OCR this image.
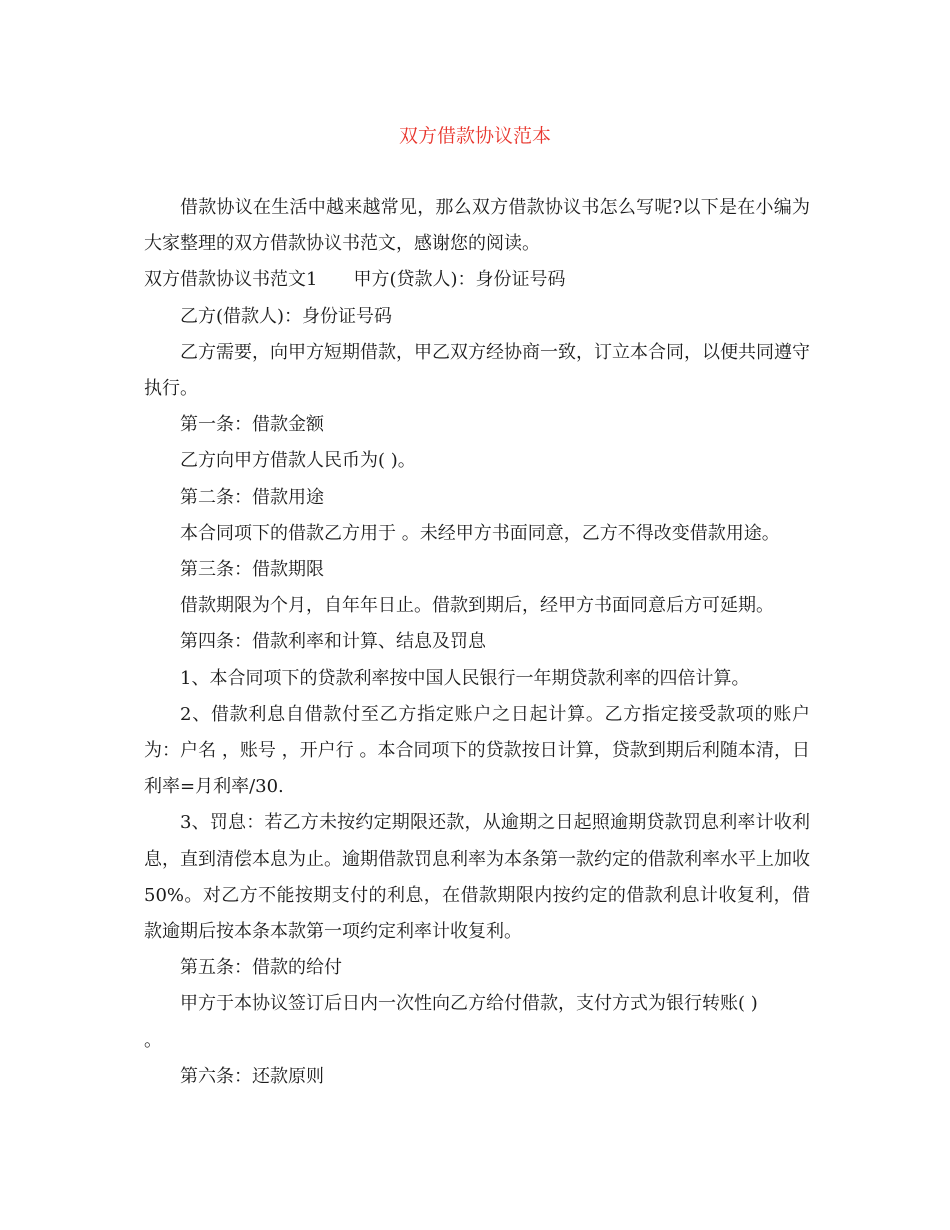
双方借款协议范本

借款协议在生活中越来越常见，那么双方借款协议书怎么写呢?以下是在小编为大家整理的双方借款协议书范文，感谢您的阅读。

双方借款协议书范文1 甲方(贷款人)：身份证号码

乙方(借款人)：身份证号码

乙方需要，向甲方短期借款，甲乙双方经协商一致，订立本合同，以便共同遵守执行。

第一条：借款金额

乙方向甲方借款人民币为( )。

第二条：借款用途

本合同项下的借款乙方用于 。未经甲方书面同意，乙方不得改变借款用途。

第三条：借款期限

借款期限为个月，自年年日止。借款到期后，经甲方书面同意后方可延期。

第四条：借款利率和计算、结息及罚息

1、本合同项下的贷款利率按中国人民银行一年期贷款利率的四倍计算。

2、借款利息自借款付至乙方指定账户之日起计算。乙方指定接受款项的账户为：户名 ，账号 ，开户行 。本合同项下的贷款按日计算，贷款到期后利随本清，日利率=月利率/30.

3、罚息：若乙方未按约定期限还款，从逾期之日起照逾期贷款罚息利率计收利息，直到清偿本息为止。逾期借款罚息利率为本条第一款约定的借款利率水平上加收50%。对乙方不能按期支付的利息，在借款期限内按约定的借款利息计收复利，借款逾期后按本条本款第一项约定利率计收复利。

第五条：借款的给付

甲方于本协议签订后日内一次性向乙方给付借款，支付方式为银行转账( )

。

第六条：还款原则
